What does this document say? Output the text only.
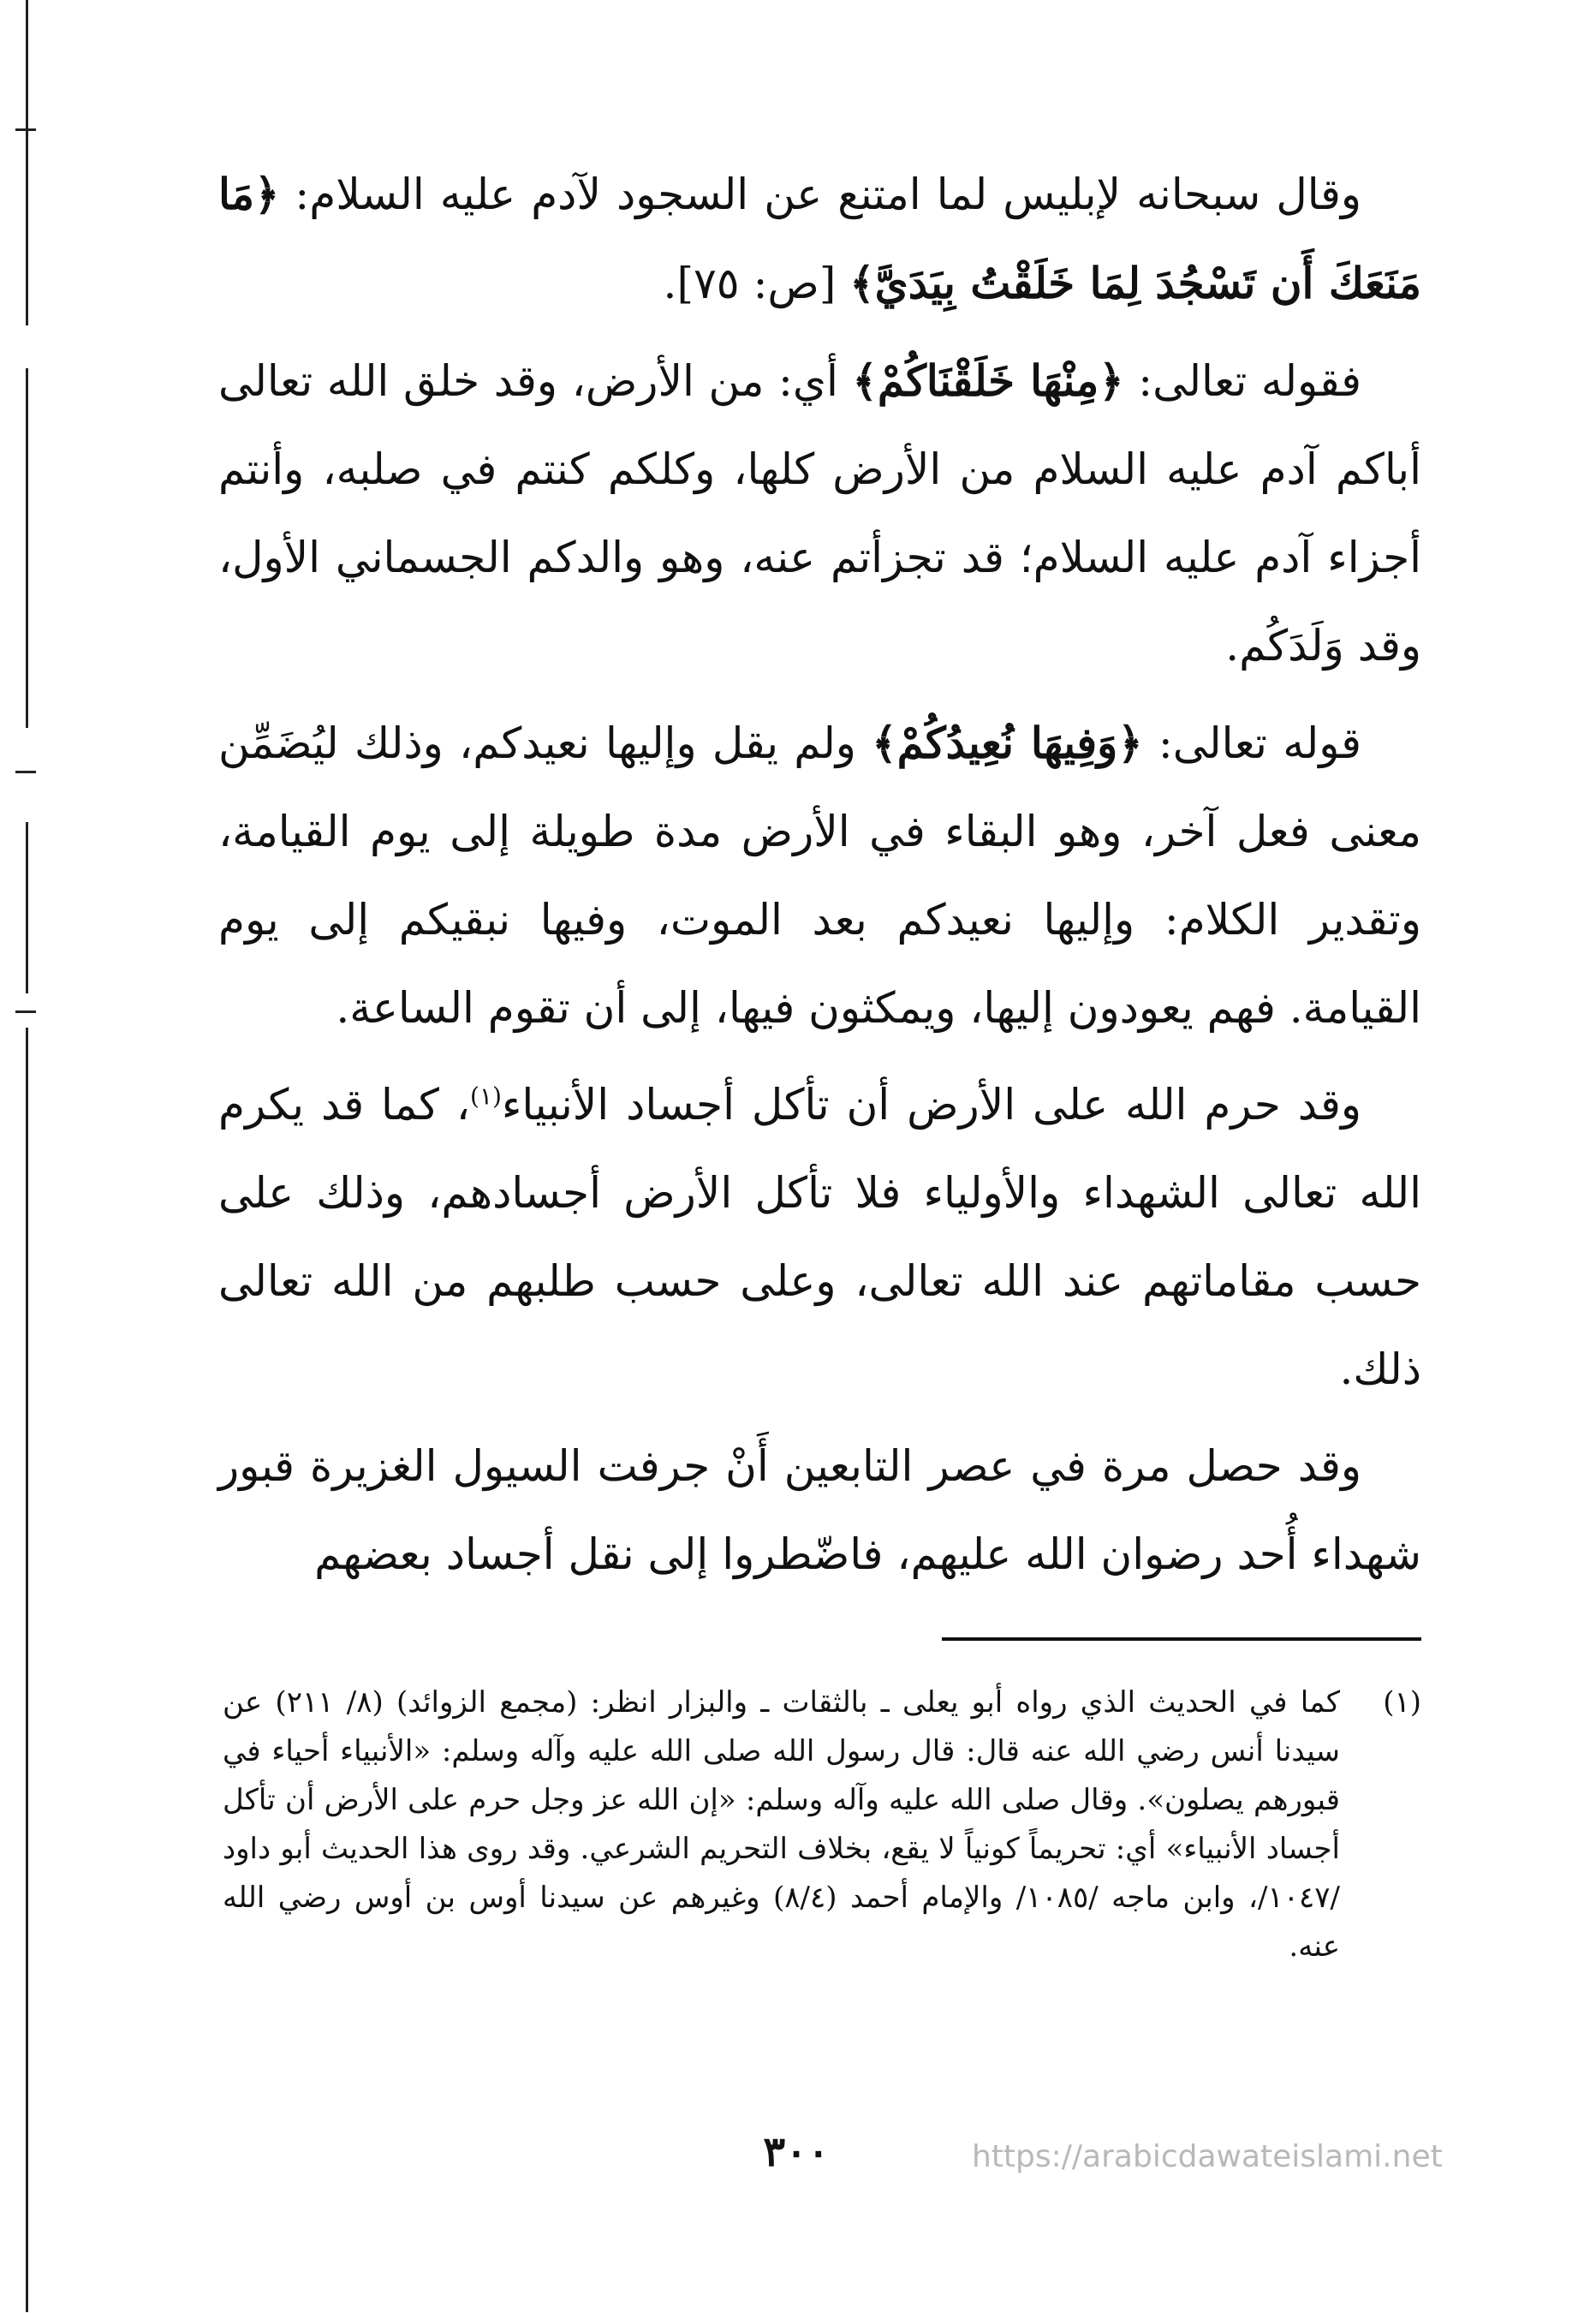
وقال سبحانه لإبليس لما امتنع عن السجود لآدم عليه السلام: ﴿مَا مَنَعَكَ أَن تَسْجُدَ لِمَا خَلَقْتُ بِيَدَيَّ﴾ [ص: ٧٥].

فقوله تعالى: ﴿مِنْهَا خَلَقْنَاكُمْ﴾ أي: من الأرض، وقد خلق الله تعالى أباكم آدم عليه السلام من الأرض كلها، وكلكم كنتم في صلبه، وأنتم أجزاء آدم عليه السلام؛ قد تجزأتم عنه، وهو والدكم الجسماني الأول، وقد وَلَدَكُم.

قوله تعالى: ﴿وَفِيهَا نُعِيدُكُمْ﴾ ولم يقل وإليها نعيدكم، وذلك ليُضَمِّن معنى فعل آخر، وهو البقاء في الأرض مدة طويلة إلى يوم القيامة، وتقدير الكلام: وإليها نعيدكم بعد الموت، وفيها نبقيكم إلى يوم القيامة. فهم يعودون إليها، ويمكثون فيها، إلى أن تقوم الساعة.

وقد حرم الله على الأرض أن تأكل أجساد الأنبياء$^{(١)}$، كما قد يكرم الله تعالى الشهداء والأولياء فلا تأكل الأرض أجسادهم، وذلك على حسب مقاماتهم عند الله تعالى، وعلى حسب طلبهم من الله تعالى ذلك.

وقد حصل مرة في عصر التابعين أَنْ جرفت السيول الغزيرة قبور شهداء أُحد رضوان الله عليهم، فاضّطروا إلى نقل أجساد بعضهم

(١)كما في الحديث الذي رواه أبو يعلى ـ بالثقات ـ والبزار انظر: (مجمع الزوائد) (٨/ ٢١١) عن سيدنا أنس رضي الله عنه قال: قال رسول الله صلى الله عليه وآله وسلم: «الأنبياء أحياء في قبورهم يصلون». وقال صلى الله عليه وآله وسلم: «إن الله عز وجل حرم على الأرض أن تأكل أجساد الأنبياء» أي: تحريماً كونياً لا يقع، بخلاف التحريم الشرعي. وقد روى هذا الحديث أبو داود /١٠٤٧/، وابن ماجه /١٠٨٥/ والإمام أحمد (٨/٤) وغيرهم عن سيدنا أوس بن أوس رضي الله عنه.

٣٠٠	https://arabicdawateislami.net
